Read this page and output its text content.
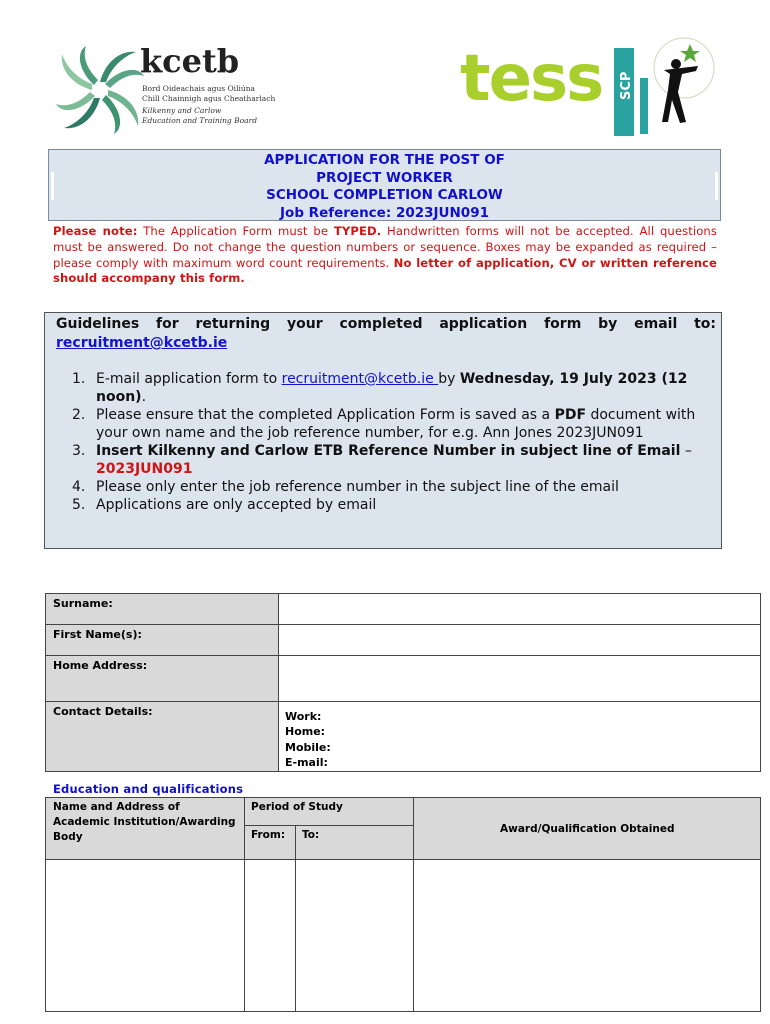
kcetb
Bord Oideachais agus Oiliúna
Chill Chainnigh agus Cheatharlach
Kilkenny and Carlow
Education and Training Board
tess SCP
APPLICATION FOR THE POST OF
PROJECT WORKER
SCHOOL COMPLETION CARLOW
Job Reference: 2023JUN091
Please note: The Application Form must be TYPED. Handwritten forms will not be accepted. All questions must be answered. Do not change the question numbers or sequence. Boxes may be expanded as required – please comply with maximum word count requirements. No letter of application, CV or written reference should accompany this form.
Guidelines for returning your completed application form by email to:
recruitment@kcetb.ie
1. E-mail application form to recruitment@kcetb.ie by Wednesday, 19 July 2023 (12 noon).
2. Please ensure that the completed Application Form is saved as a PDF document with your own name and the job reference number, for e.g. Ann Jones 2023JUN091
3. Insert Kilkenny and Carlow ETB Reference Number in subject line of Email – 2023JUN091
4. Please only enter the job reference number in the subject line of the email
5. Applications are only accepted by email
Surname:	
First Name(s):	
Home Address:	
Contact Details:	Work:
Home:
Mobile:
E-mail:
Education and qualifications
Name and Address of Academic Institution/Awarding Body	Period of Study		Award/Qualification Obtained
	From:	To:	
